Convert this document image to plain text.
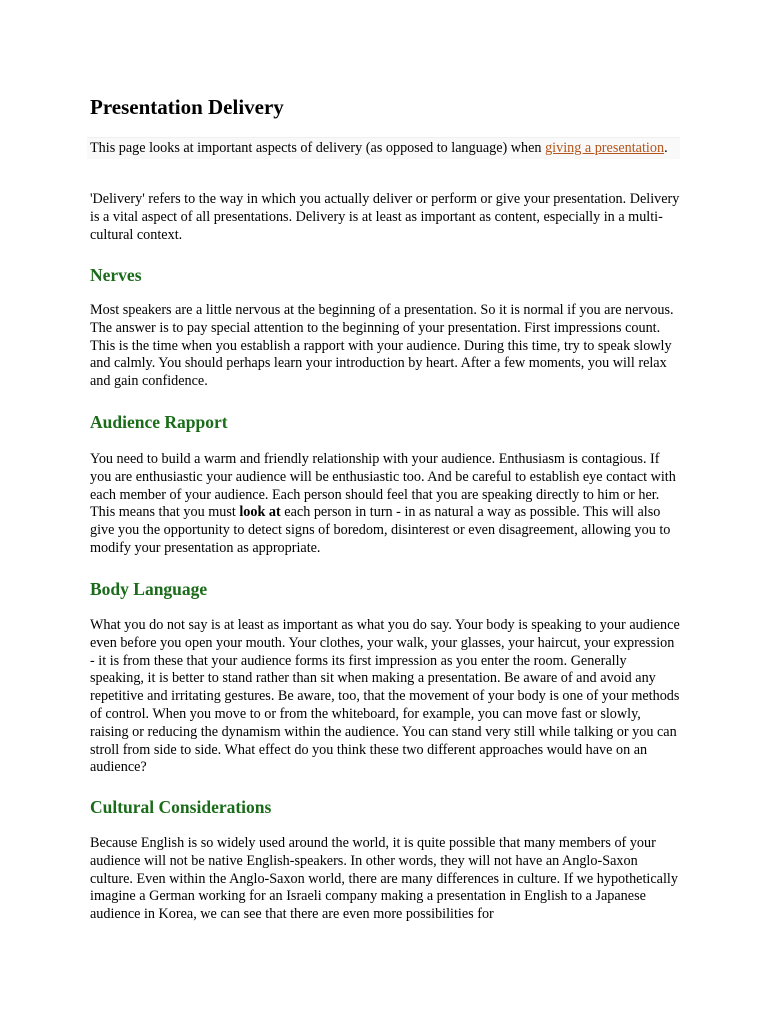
Presentation Delivery
This page looks at important aspects of delivery (as opposed to language) when giving a presentation.

'Delivery' refers to the way in which you actually deliver or perform or give your presentation. Delivery is a vital aspect of all presentations. Delivery is at least as important as content, especially in a multi-cultural context.

Nerves

Most speakers are a little nervous at the beginning of a presentation. So it is normal if you are nervous. The answer is to pay special attention to the beginning of your presentation. First impressions count. This is the time when you establish a rapport with your audience. During this time, try to speak slowly and calmly. You should perhaps learn your introduction by heart. After a few moments, you will relax and gain confidence.

Audience Rapport

You need to build a warm and friendly relationship with your audience. Enthusiasm is contagious. If you are enthusiastic your audience will be enthusiastic too. And be careful to establish eye contact with each member of your audience. Each person should feel that you are speaking directly to him or her. This means that you must look at each person in turn - in as natural a way as possible. This will also give you the opportunity to detect signs of boredom, disinterest or even disagreement, allowing you to modify your presentation as appropriate.

Body Language

What you do not say is at least as important as what you do say. Your body is speaking to your audience even before you open your mouth. Your clothes, your walk, your glasses, your haircut, your expression - it is from these that your audience forms its first impression as you enter the room. Generally speaking, it is better to stand rather than sit when making a presentation. Be aware of and avoid any repetitive and irritating gestures. Be aware, too, that the movement of your body is one of your methods of control. When you move to or from the whiteboard, for example, you can move fast or slowly, raising or reducing the dynamism within the audience. You can stand very still while talking or you can stroll from side to side. What effect do you think these two different approaches would have on an audience?

Cultural Considerations

Because English is so widely used around the world, it is quite possible that many members of your audience will not be native English-speakers. In other words, they will not have an Anglo-Saxon culture. Even within the Anglo-Saxon world, there are many differences in culture. If we hypothetically imagine a German working for an Israeli company making a presentation in English to a Japanese audience in Korea, we can see that there are even more possibilities for
